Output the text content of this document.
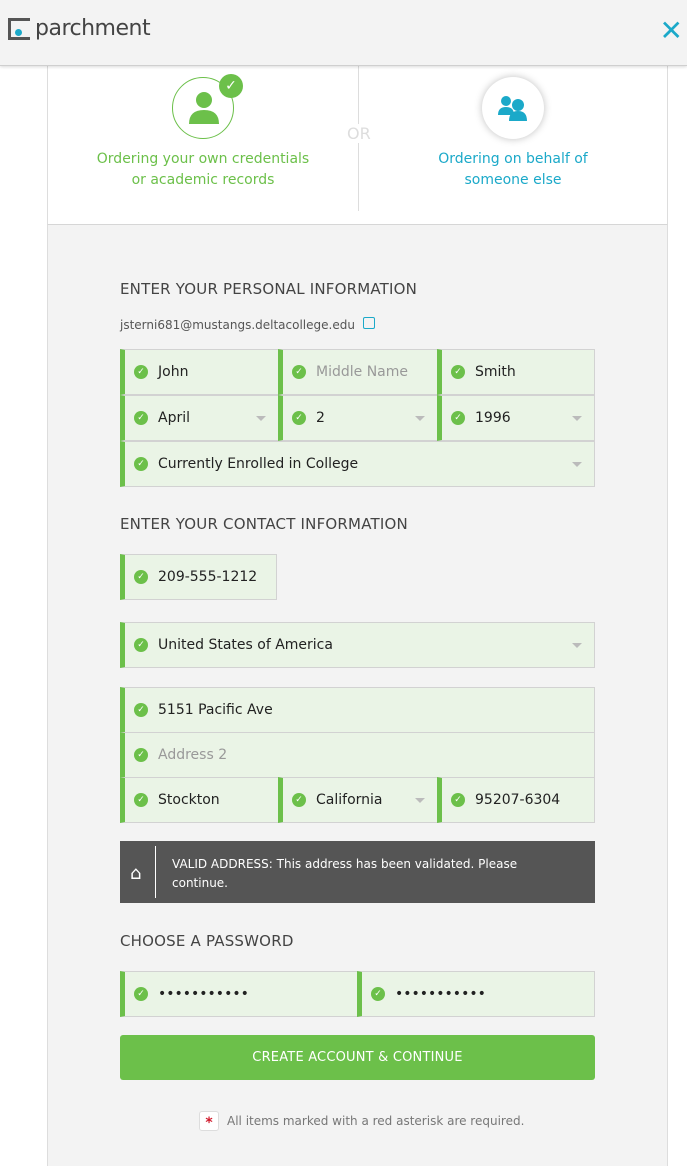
parchment	✕
✓
Ordering your own credentials
or academic records
OR
Ordering on behalf of
someone else
ENTER YOUR PERSONAL INFORMATION
jsterni681@mustangs.deltacollege.edu
✓ John	✓ Middle Name	✓ Smith
✓ April	✓ 2	✓ 1996
✓ Currently Enrolled in College
ENTER YOUR CONTACT INFORMATION
✓ 209-555-1212
✓ United States of America
✓ 5151 Pacific Ave
✓ Address 2
✓ Stockton	✓ California	✓ 95207-6304
⌂	VALID ADDRESS: This address has been validated. Please continue.
CHOOSE A PASSWORD
✓ •••••••••••	✓ •••••••••••
CREATE ACCOUNT & CONTINUE
*	All items marked with a red asterisk are required.
